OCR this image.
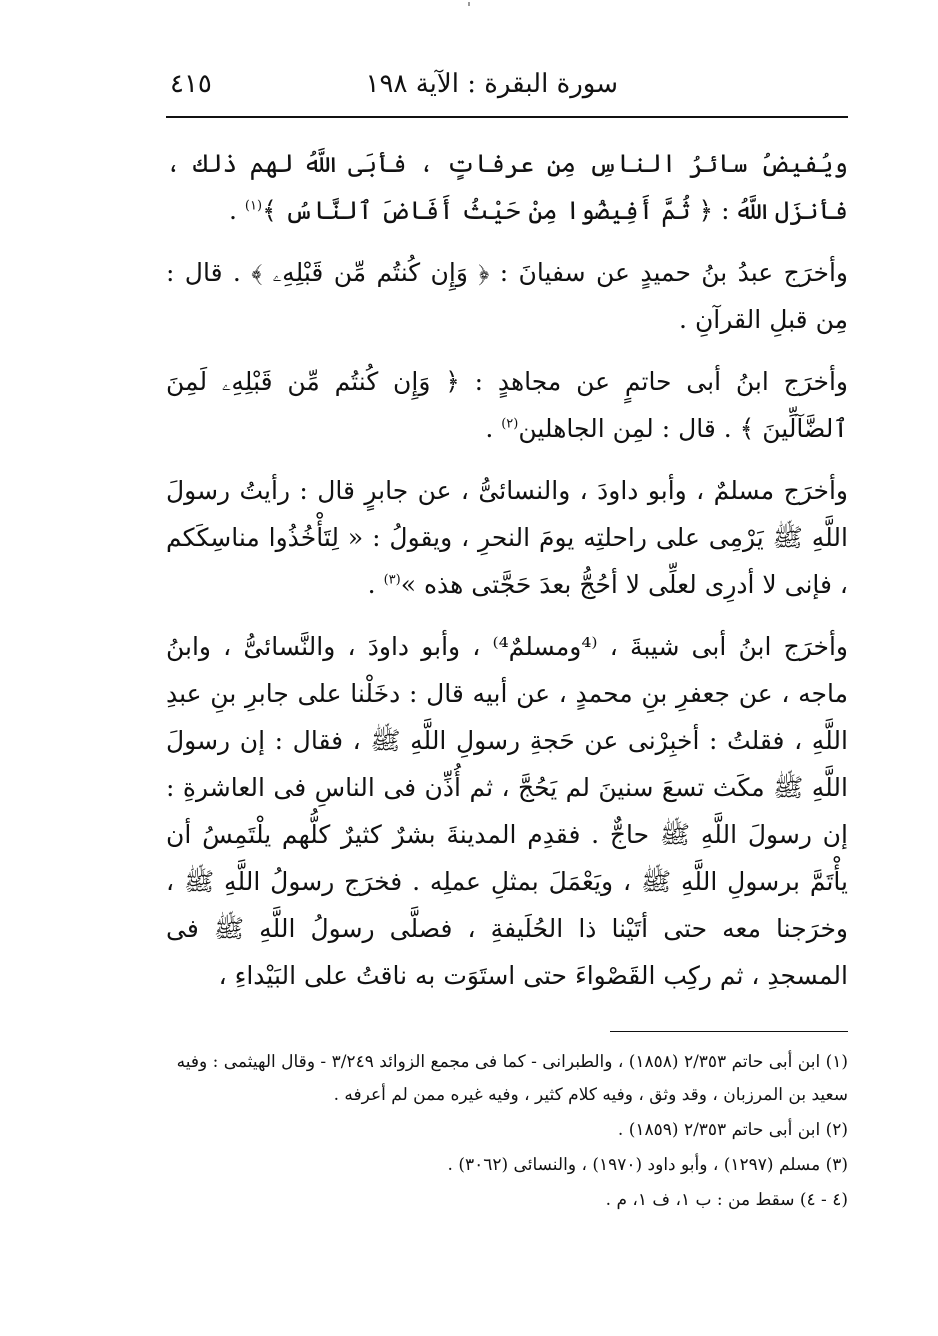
سورة البقرة : الآية ١٩٨
٤١٥

ويُفيضُ سائرُ الناسِ مِن عرفاتٍ ، فأبَى اللَّهُ لهم ذلك ، فأنزَل اللَّهُ : ﴿ ثُمَّ أَفِيضُوا مِنْ حَيْثُ أَفَاضَ ٱلنَّاسُ ﴾$^{(١)}$ .

وأخرَج عبدُ بنُ حميدٍ عن سفيانَ : ﴿ وَإِن كُنتُم مِّن قَبْلِهِۦ ﴾ . قال : مِن قبلِ القرآنِ .

وأخرَج ابنُ أبى حاتمٍ عن مجاهدٍ : ﴿ وَإِن كُنتُم مِّن قَبْلِهِۦ لَمِنَ ٱلضَّآلِّينَ ﴾ . قال : لمِن الجاهلين$^{(٢)}$ .

وأخرَج مسلمٌ ، وأبو داودَ ، والنسائىُّ ، عن جابرٍ قال : رأيتُ رسولَ اللَّهِ ﷺ يَرْمِى على راحلتِه يومَ النحرِ ، ويقولُ : « لِتَأْخُذُوا مناسِكَكم ، فإنى لا أدرِى لعلِّى لا أحُجُّ بعدَ حَجَّتى هذه »$^{(٣)}$ .

وأخرَج ابنُ أبى شيبةَ ، ⁽⁴ومسلمٌ⁴⁾ ، وأبو داودَ ، والنَّسائىُّ ، وابنُ ماجه ، عن جعفرِ بنِ محمدٍ ، عن أبيه قال : دخَلْنا على جابرِ بنِ عبدِ اللَّهِ ، فقلتُ : أخبِرْنى عن حَجةِ رسولِ اللَّهِ ﷺ ، فقال : إن رسولَ اللَّهِ ﷺ مكَث تسعَ سنينَ لم يَحُجَّ ، ثم أُذِّن فى الناسِ فى العاشرةِ : إن رسولَ اللَّهِ ﷺ حاجٌّ . فقدِم المدينةَ بشرٌ كثيرٌ كلُّهم يلْتَمِسُ أن يأْتَمَّ برسولِ اللَّهِ ﷺ ، ويَعْمَلَ بمثلِ عملِه . فخرَج رسولُ اللَّهِ ﷺ ، وخرَجنا معه حتى أتَيْنا ذا الحُلَيفةِ ، فصلَّى رسولُ اللَّهِ ﷺ فى المسجدِ ، ثم ركِب القَصْواءَ حتى استَوَت به ناقتُ على البَيْداءِ ،

(١) ابن أبى حاتم ٢/٣٥٣ (١٨٥٨) ، والطبرانى - كما فى مجمع الزوائد ٣/٢٤٩ - وقال الهيثمى : وفيه سعيد بن المرزبان ، وقد وثق ، وفيه كلام كثير ، وفيه غيره ممن لم أعرفه .

(٢) ابن أبى حاتم ٢/٣٥٣ (١٨٥٩) .

(٣) مسلم (١٢٩٧) ، وأبو داود (١٩٧٠) ، والنسائى (٣٠٦٢) .

(٤ - ٤) سقط من : ب ١، ف ١، م .
